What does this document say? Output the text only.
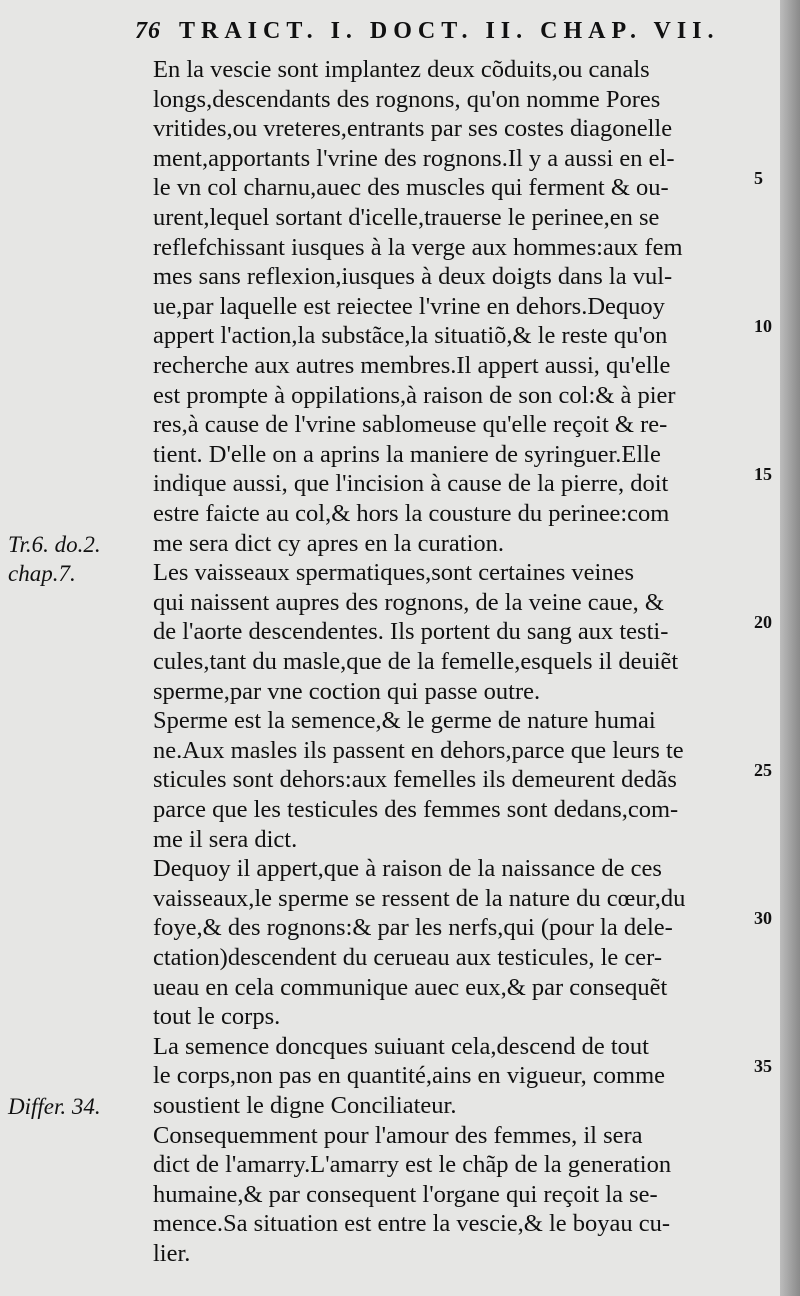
76 TRAICT. I. DOCT. II. CHAP. VII.
En la vescie sont implantez deux cõduits,ou canals
longs,descendants des rognons, qu'on nomme Pores
vritides,ou vreteres,entrants par ses costes diagonelle
ment,apportants l'vrine des rognons.Il y a aussi en el-
le vn col charnu,auec des muscles qui ferment & ou-
urent,lequel sortant d'icelle,trauerse le perinee,en se
reflefchissant iusques à la verge aux hommes:aux fem
mes sans reflexion,iusques à deux doigts dans la vul-
ue,par laquelle est reiectee l'vrine en dehors.Dequoy
appert l'action,la substãce,la situatiõ,& le reste qu'on
recherche aux autres membres.Il appert aussi, qu'elle
est prompte à oppilations,à raison de son col:& à pier
res,à cause de l'vrine sablomeuse qu'elle reçoit & re-
tient. D'elle on a aprins la maniere de syringuer.Elle
indique aussi, que l'incision à cause de la pierre, doit
estre faicte au col,& hors la cousture du perinee:com
me sera dict cy apres en la curation.
Les vaisseaux spermatiques,sont certaines veines
qui naissent aupres des rognons, de la veine caue, &
de l'aorte descendentes. Ils portent du sang aux testi-
cules,tant du masle,que de la femelle,esquels il deuiẽt
sperme,par vne coction qui passe outre.
Sperme est la semence,& le germe de nature humai
ne.Aux masles ils passent en dehors,parce que leurs te
sticules sont dehors:aux femelles ils demeurent dedãs
parce que les testicules des femmes sont dedans,com-
me il sera dict.
Dequoy il appert,que à raison de la naissance de ces
vaisseaux,le sperme se ressent de la nature du cœur,du
foye,& des rognons:& par les nerfs,qui (pour la dele-
ctation)descendent du cerueau aux testicules, le cer-
ueau en cela communique auec eux,& par consequẽt
tout le corps.
La semence doncques suiuant cela,descend de tout
le corps,non pas en quantité,ains en vigueur, comme
soustient le digne Conciliateur.
Consequemment pour l'amour des femmes, il sera
dict de l'amarry.L'amarry est le chãp de la generation
humaine,& par consequent l'organe qui reçoit la se-
mence.Sa situation est entre la vescie,& le boyau cu-
lier.
Tr.6. do.2.
chap.7.
Differ. 34.
5
10
15
20
25
30
35
